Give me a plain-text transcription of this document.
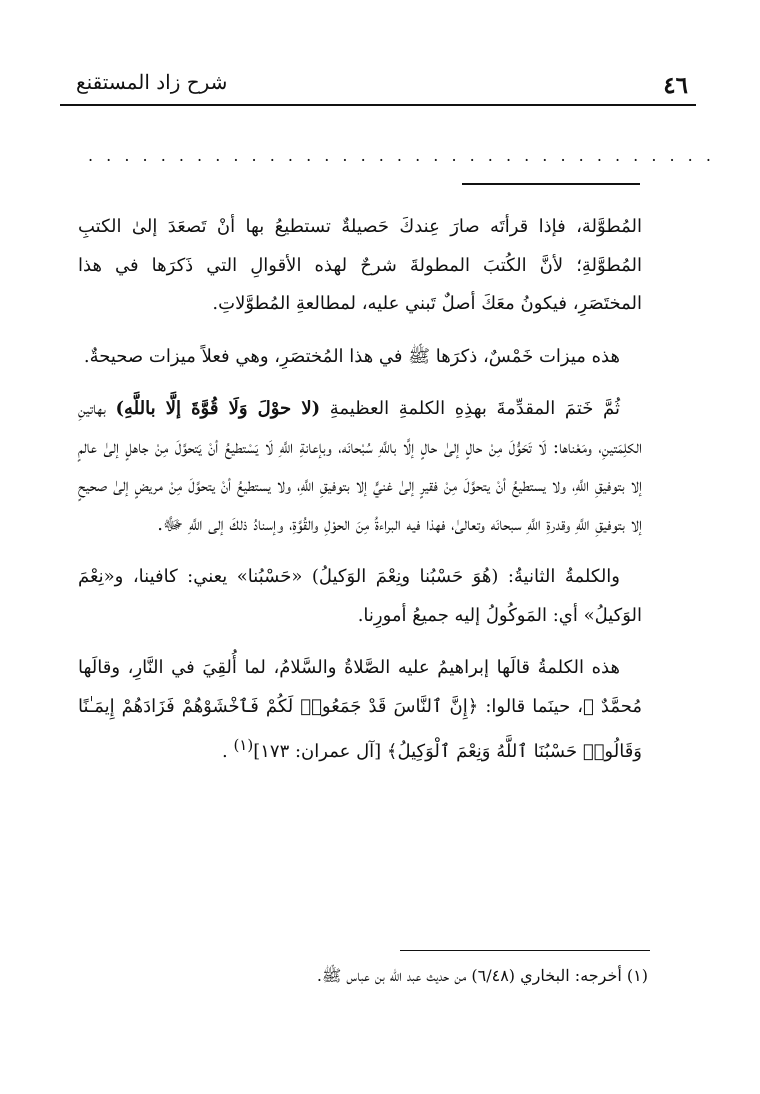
٤٦
شرح زاد المستقنع
. . . . . . . . . . . . . . . . . . . . . . . . . . . . . . . . . . .

المُطوَّلة، فإذا قرأتَه صارَ عِندكَ حَصيلةٌ تستطيعُ بها أنْ تَصعَدَ إلىٰ الكتبِ المُطوَّلةِ؛ لأنَّ الكُتبَ المطولةَ شرحٌ لهذه الأقوالِ التي ذَكرَها في هذا المختَصَرِ، فيكونُ معَكَ أصلٌ تَبني عليه، لمطالعةِ المُطوَّلاتِ.

هذه ميزات خَمْسٌ، ذكرَها ﷺ في هذا المُختصَرِ، وهي فعلاً ميزات صحيحةٌ.

ثُمَّ خَتمَ المقدِّمةَ بهذِهِ الكلمةِ العظيمةِ (لا حوْلَ وَلَا قُوَّةَ إلَّا باللَّهِ) بهاتينِ الكلِمَتينِ، ومَعْناها: لَا تَحَوُّلَ مِنْ حالٍ إلىٰ حالٍ إلَّا باللَّهِ سُبْحانَه، وبإعانةِ اللَّهِ لَا يَسْتطيعُ أنْ يَتحوَّلَ مِنْ جاهلٍ إلىٰ عالمٍ إلا بتوفيقِ اللَّهِ، ولا يستطيعُ أنْ يتحوَّلَ مِنْ فقيرٍ إلىٰ غنيٍّ إلا بتوفيقِ اللَّهِ، ولا يستطيعُ أنْ يتحوَّلَ مِنْ مريضٍ إلىٰ صحيحٍ إلا بتوفيقِ اللَّهِ وقدرةِ اللَّهِ سبحانَه وتعالىٰ، فهذا فيه البراءةُ مِنَ الحوْلِ والقُوَّةِ، وإسنادُ ذلكَ إلى اللَّهِ ﷻ.

والكلمةُ الثانيةُ: (هُوَ حَسْبُنا ونِعْمَ الوَكيلُ) «حَسْبُنا» يعني: كافينا، و«نِعْمَ الوَكيلُ» أي: المَوكُولُ إليه جميعُ أمورِنا.

هذه الكلمةُ قالَها إبراهيمُ عليه الصَّلاةُ والسَّلامُ، لما أُلقِيَ في النَّارِ، وقالَها مُحمَّدٌ ﷺ، حينَما قالوا: ﴿إِنَّ ٱلنَّاسَ قَدْ جَمَعُوا۟ لَكُمْ فَٱخْشَوْهُمْ فَزَادَهُمْ إِيمَـٰنًا وَقَالُوا۟ حَسْبُنَا ٱللَّهُ وَنِعْمَ ٱلْوَكِيلُ﴾ [آل عمران: ١٧٣]$^{(١)}$ .

(١) أخرجه: البخاري (٦/٤٨) من حديث عبد اللّه بن عباس ﷺ.
